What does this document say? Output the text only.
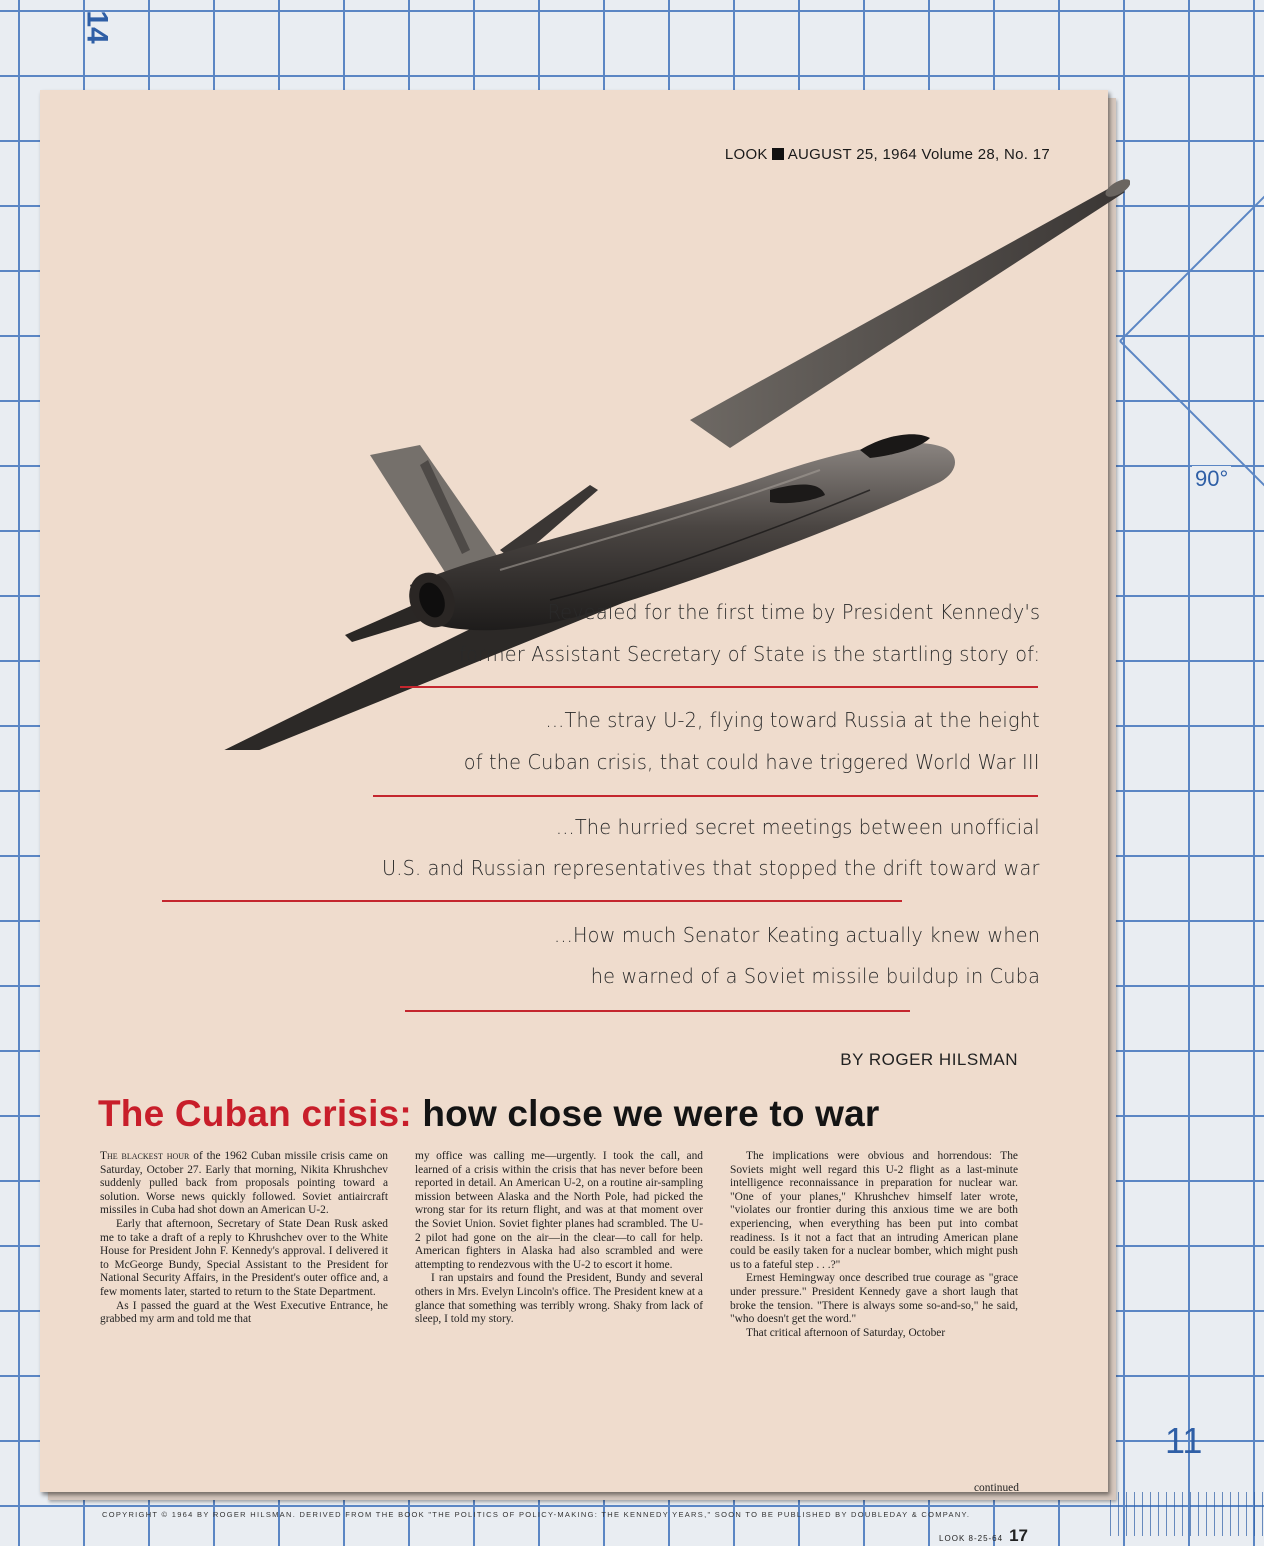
14
90°
11
LOOK AUGUST 25, 1964 Volume 28, No. 17
Revealed for the first time by President Kennedy's
former Assistant Secretary of State is the startling story of:
...The stray U-2, flying toward Russia at the height
of the Cuban crisis, that could have triggered World War III
...The hurried secret meetings between unofficial
U.S. and Russian representatives that stopped the drift toward war
...How much Senator Keating actually knew when
he warned of a Soviet missile buildup in Cuba
BY ROGER HILSMAN
The Cuban crisis: how close we were to war

The blackest hour of the 1962 Cuban missile crisis came on Saturday, October 27. Early that morning, Nikita Khrushchev suddenly pulled back from proposals pointing toward a solution. Worse news quickly followed. Soviet antiaircraft missiles in Cuba had shot down an American U-2.

Early that afternoon, Secretary of State Dean Rusk asked me to take a draft of a reply to Khrushchev over to the White House for President John F. Kennedy's approval. I delivered it to McGeorge Bundy, Special Assistant to the President for National Security Affairs, in the President's outer office and, a few moments later, started to return to the State Department.

As I passed the guard at the West Executive Entrance, he grabbed my arm and told me that

my office was calling me—urgently. I took the call, and learned of a crisis within the crisis that has never before been reported in detail. An American U-2, on a routine air-sampling mission between Alaska and the North Pole, had picked the wrong star for its return flight, and was at that moment over the Soviet Union. Soviet fighter planes had scrambled. The U-2 pilot had gone on the air—in the clear—to call for help. American fighters in Alaska had also scrambled and were attempting to rendezvous with the U-2 to escort it home.

I ran upstairs and found the President, Bundy and several others in Mrs. Evelyn Lincoln's office. The President knew at a glance that something was terribly wrong. Shaky from lack of sleep, I told my story.

The implications were obvious and horrendous: The Soviets might well regard this U-2 flight as a last-minute intelligence reconnaissance in preparation for nuclear war. "One of your planes," Khrushchev himself later wrote, "violates our frontier during this anxious time we are both experiencing, when everything has been put into combat readiness. Is it not a fact that an intruding American plane could be easily taken for a nuclear bomber, which might push us to a fateful step . . .?"

Ernest Hemingway once described true courage as "grace under pressure." President Kennedy gave a short laugh that broke the tension. "There is always some so-and-so," he said, "who doesn't get the word."

That critical afternoon of Saturday, October

continued
COPYRIGHT © 1964 BY ROGER HILSMAN. DERIVED FROM THE BOOK "THE POLITICS OF POLICY-MAKING: THE KENNEDY YEARS," SOON TO BE PUBLISHED BY DOUBLEDAY & COMPANY.
LOOK 8-25-64 17
